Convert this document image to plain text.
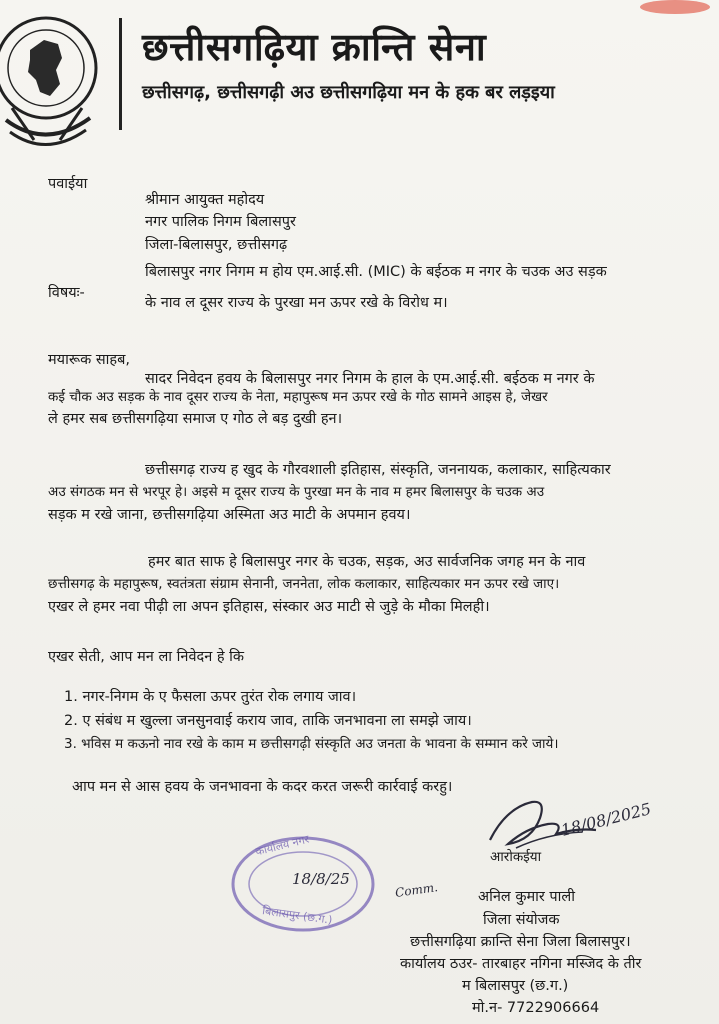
छत्तीसगढ़िया क्रान्ति सेना
छत्तीसगढ़, छत्तीसगढ़ी अउ छत्तीसगढ़िया मन के हक बर लड़इया
पवाईया
श्रीमान आयुक्त महोदय
नगर पालिक निगम बिलासपुर
जिला-बिलासपुर, छत्तीसगढ़
विषयः-
बिलासपुर नगर निगम म होय एम.आई.सी. (MIC) के बईठक म नगर के चउक अउ सड़क
के नाव ल दूसर राज्य के पुरखा मन ऊपर रखे के विरोध म।
मयारूक साहब,
सादर निवेदन हवय के बिलासपुर नगर निगम के हाल के एम.आई.सी. बईठक म नगर के
कई चौक अउ सड़क के नाव दूसर राज्य के नेता, महापुरूष मन ऊपर रखे के गोठ सामने आइस हे, जेखर
ले हमर सब छत्तीसगढ़िया समाज ए गोठ ले बड़ दुखी हन।
छत्तीसगढ़ राज्य ह खुद के गौरवशाली इतिहास, संस्कृति, जननायक, कलाकार, साहित्यकार
अउ संगठक मन से भरपूर हे। अइसे म दूसर राज्य के पुरखा मन के नाव म हमर बिलासपुर के चउक अउ
सड़क म रखे जाना, छत्तीसगढ़िया अस्मिता अउ माटी के अपमान हवय।
हमर बात साफ हे बिलासपुर नगर के चउक, सड़क, अउ सार्वजनिक जगह मन के नाव
छत्तीसगढ़ के महापुरूष, स्वतंत्रता संग्राम सेनानी, जननेता, लोक कलाकार, साहित्यकार मन ऊपर रखे जाए।
एखर ले हमर नवा पीढ़ी ला अपन इतिहास, संस्कार अउ माटी से जुड़े के मौका मिलही।
एखर सेती, आप मन ला निवेदन हे कि
1. नगर-निगम के ए फैसला ऊपर तुरंत रोक लगाय जाव।
2. ए संबंध म खुल्ला जनसुनवाई कराय जाव, ताकि जनभावना ला समझे जाय।
3. भविस म कऊनो नाव रखे के काम म छत्तीसगढ़ी संस्कृति अउ जनता के भावना के सम्मान करे जाये।
आप मन से आस हवय के जनभावना के कदर करत जरूरी कार्रवाई करहु।
18/08/2025
आरोकईया
कार्यालय नगर
बिलासपुर (छ.ग.)
18/8/25
Comm.	अनिल कुमार पाली
जिला संयोजक
छत्तीसगढ़िया क्रान्ति सेना जिला बिलासपुर।
कार्यालय ठउर- तारबाहर नगिना मस्जिद के तीर
म बिलासपुर (छ.ग.)
मो.न- 7722906664
